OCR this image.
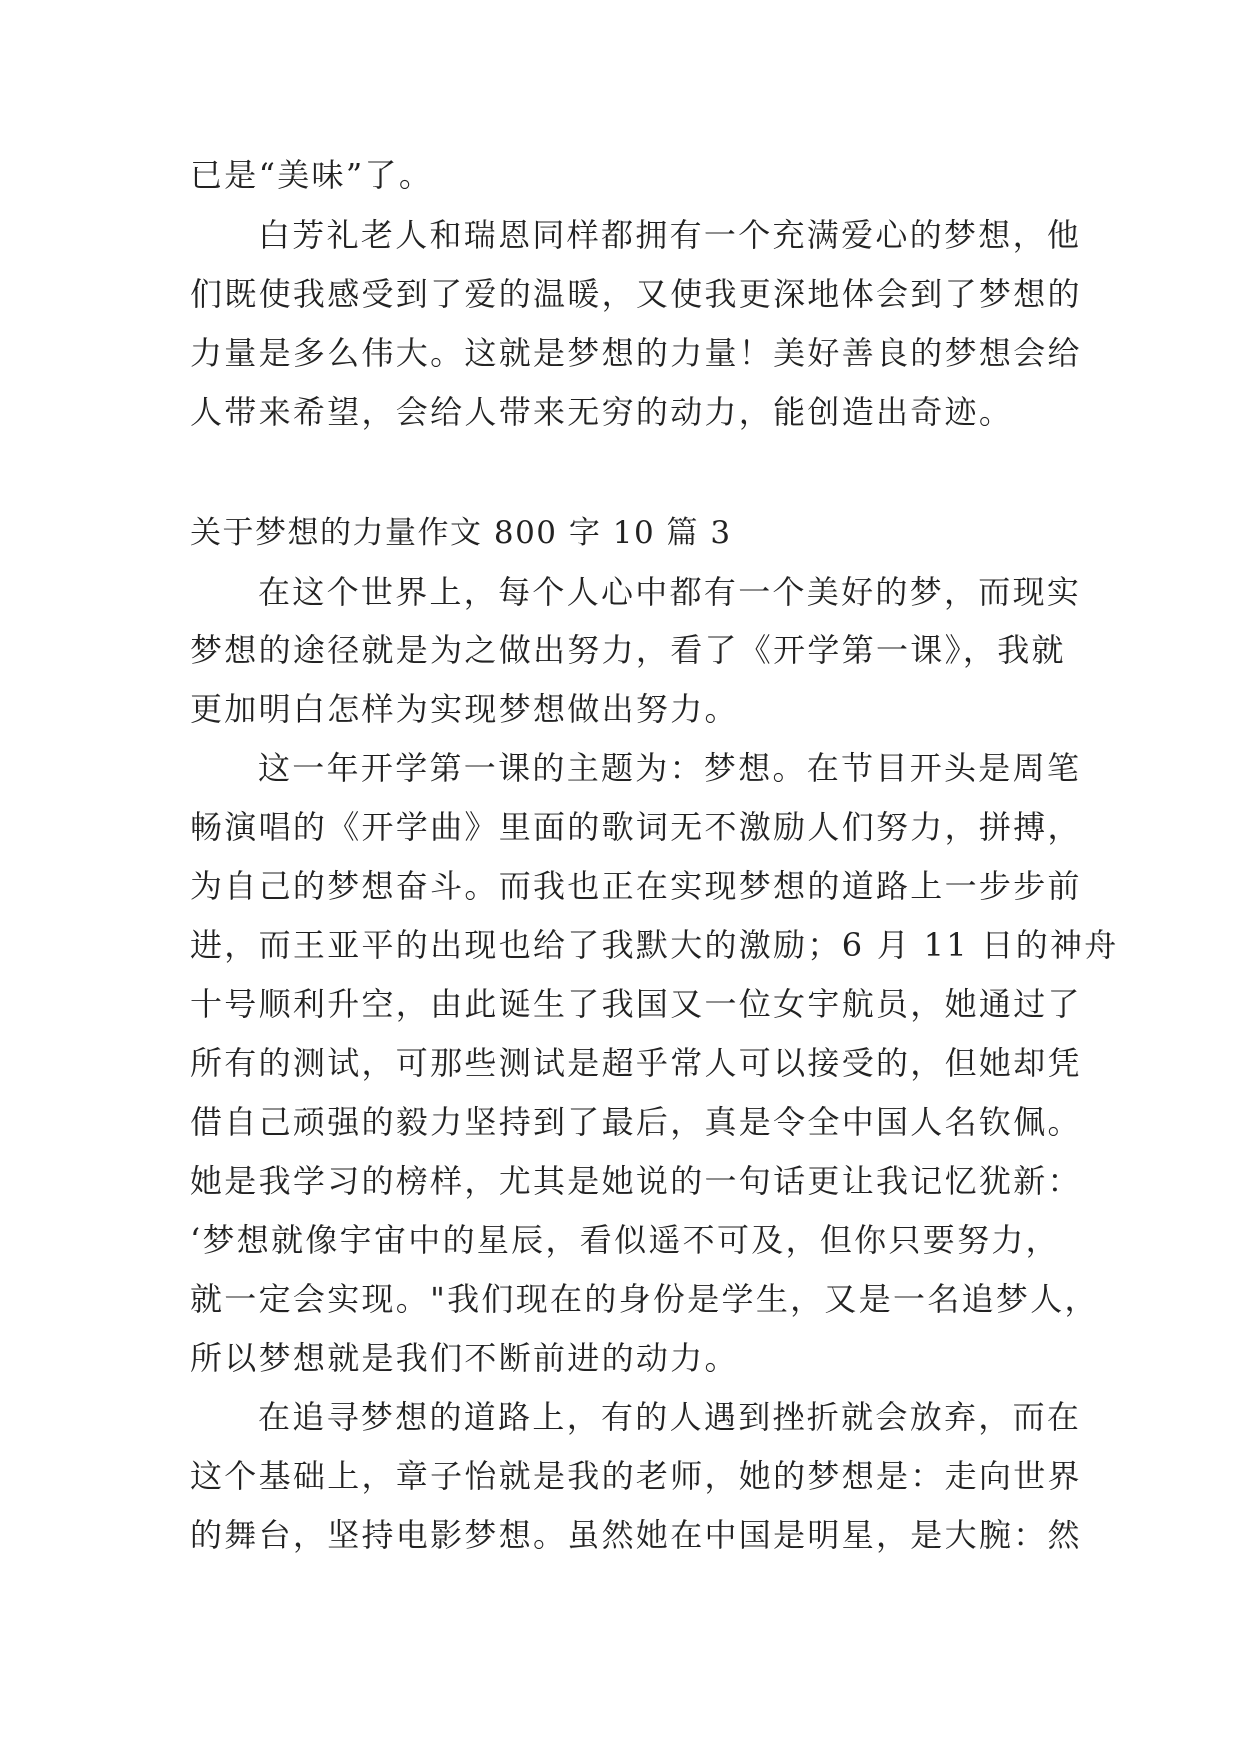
已是“美味”了。
白芳礼老人和瑞恩同样都拥有一个充满爱心的梦想，他
们既使我感受到了爱的温暖，又使我更深地体会到了梦想的
力量是多么伟大。这就是梦想的力量！美好善良的梦想会给
人带来希望，会给人带来无穷的动力，能创造出奇迹。
关于梦想的力量作文 800 字 10 篇 3
在这个世界上，每个人心中都有一个美好的梦，而现实
梦想的途径就是为之做出努力，看了《开学第一课》，我就
更加明白怎样为实现梦想做出努力。
这一年开学第一课的主题为：梦想。在节目开头是周笔
畅演唱的《开学曲》里面的歌词无不激励人们努力，拼搏，
为自己的梦想奋斗。而我也正在实现梦想的道路上一步步前
进，而王亚平的出现也给了我默大的激励；6 月 11 日的神舟
十号顺利升空，由此诞生了我国又一位女宇航员，她通过了
所有的测试，可那些测试是超乎常人可以接受的，但她却凭
借自己顽强的毅力坚持到了最后，真是令全中国人名钦佩。
她是我学习的榜样，尤其是她说的一句话更让我记忆犹新：
‘梦想就像宇宙中的星辰，看似遥不可及，但你只要努力，
就一定会实现。"我们现在的身份是学生，又是一名追梦人，
所以梦想就是我们不断前进的动力。
在追寻梦想的道路上，有的人遇到挫折就会放弃，而在
这个基础上，章子怡就是我的老师，她的梦想是：走向世界
的舞台，坚持电影梦想。虽然她在中国是明星，是大腕：然
